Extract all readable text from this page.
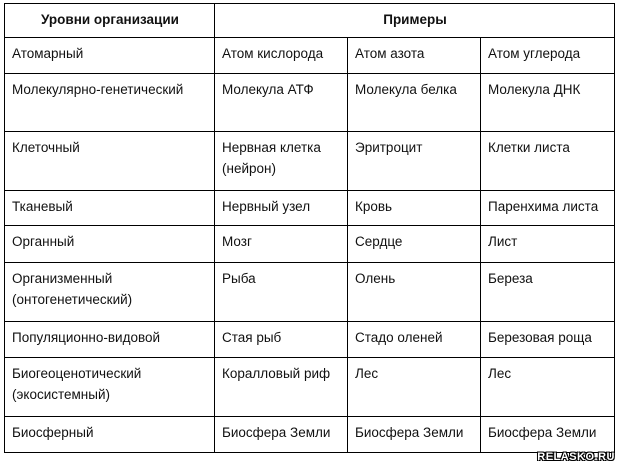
Уровни организации	Примеры		
Атомарный	Атом кислорода	Атом азота	Атом углерода
Молекулярно-генетический	Молекула АТФ	Молекула белка	Молекула ДНК
Клеточный	Нервная клетка (нейрон)	Эритроцит	Клетки листа
Тканевый	Нервный узел	Кровь	Паренхима листа
Органный	Мозг	Сердце	Лист
Организменный (онтогенетический)	Рыба	Олень	Береза
Популяционно-видовой	Стая рыб	Стадо оленей	Березовая роща
Биогеоценотический (экосистемный)	Коралловый риф	Лес	Лес
Биосферный	Биосфера Земли	Биосфера Земли	Биосфера Земли
RELASKO.RU
